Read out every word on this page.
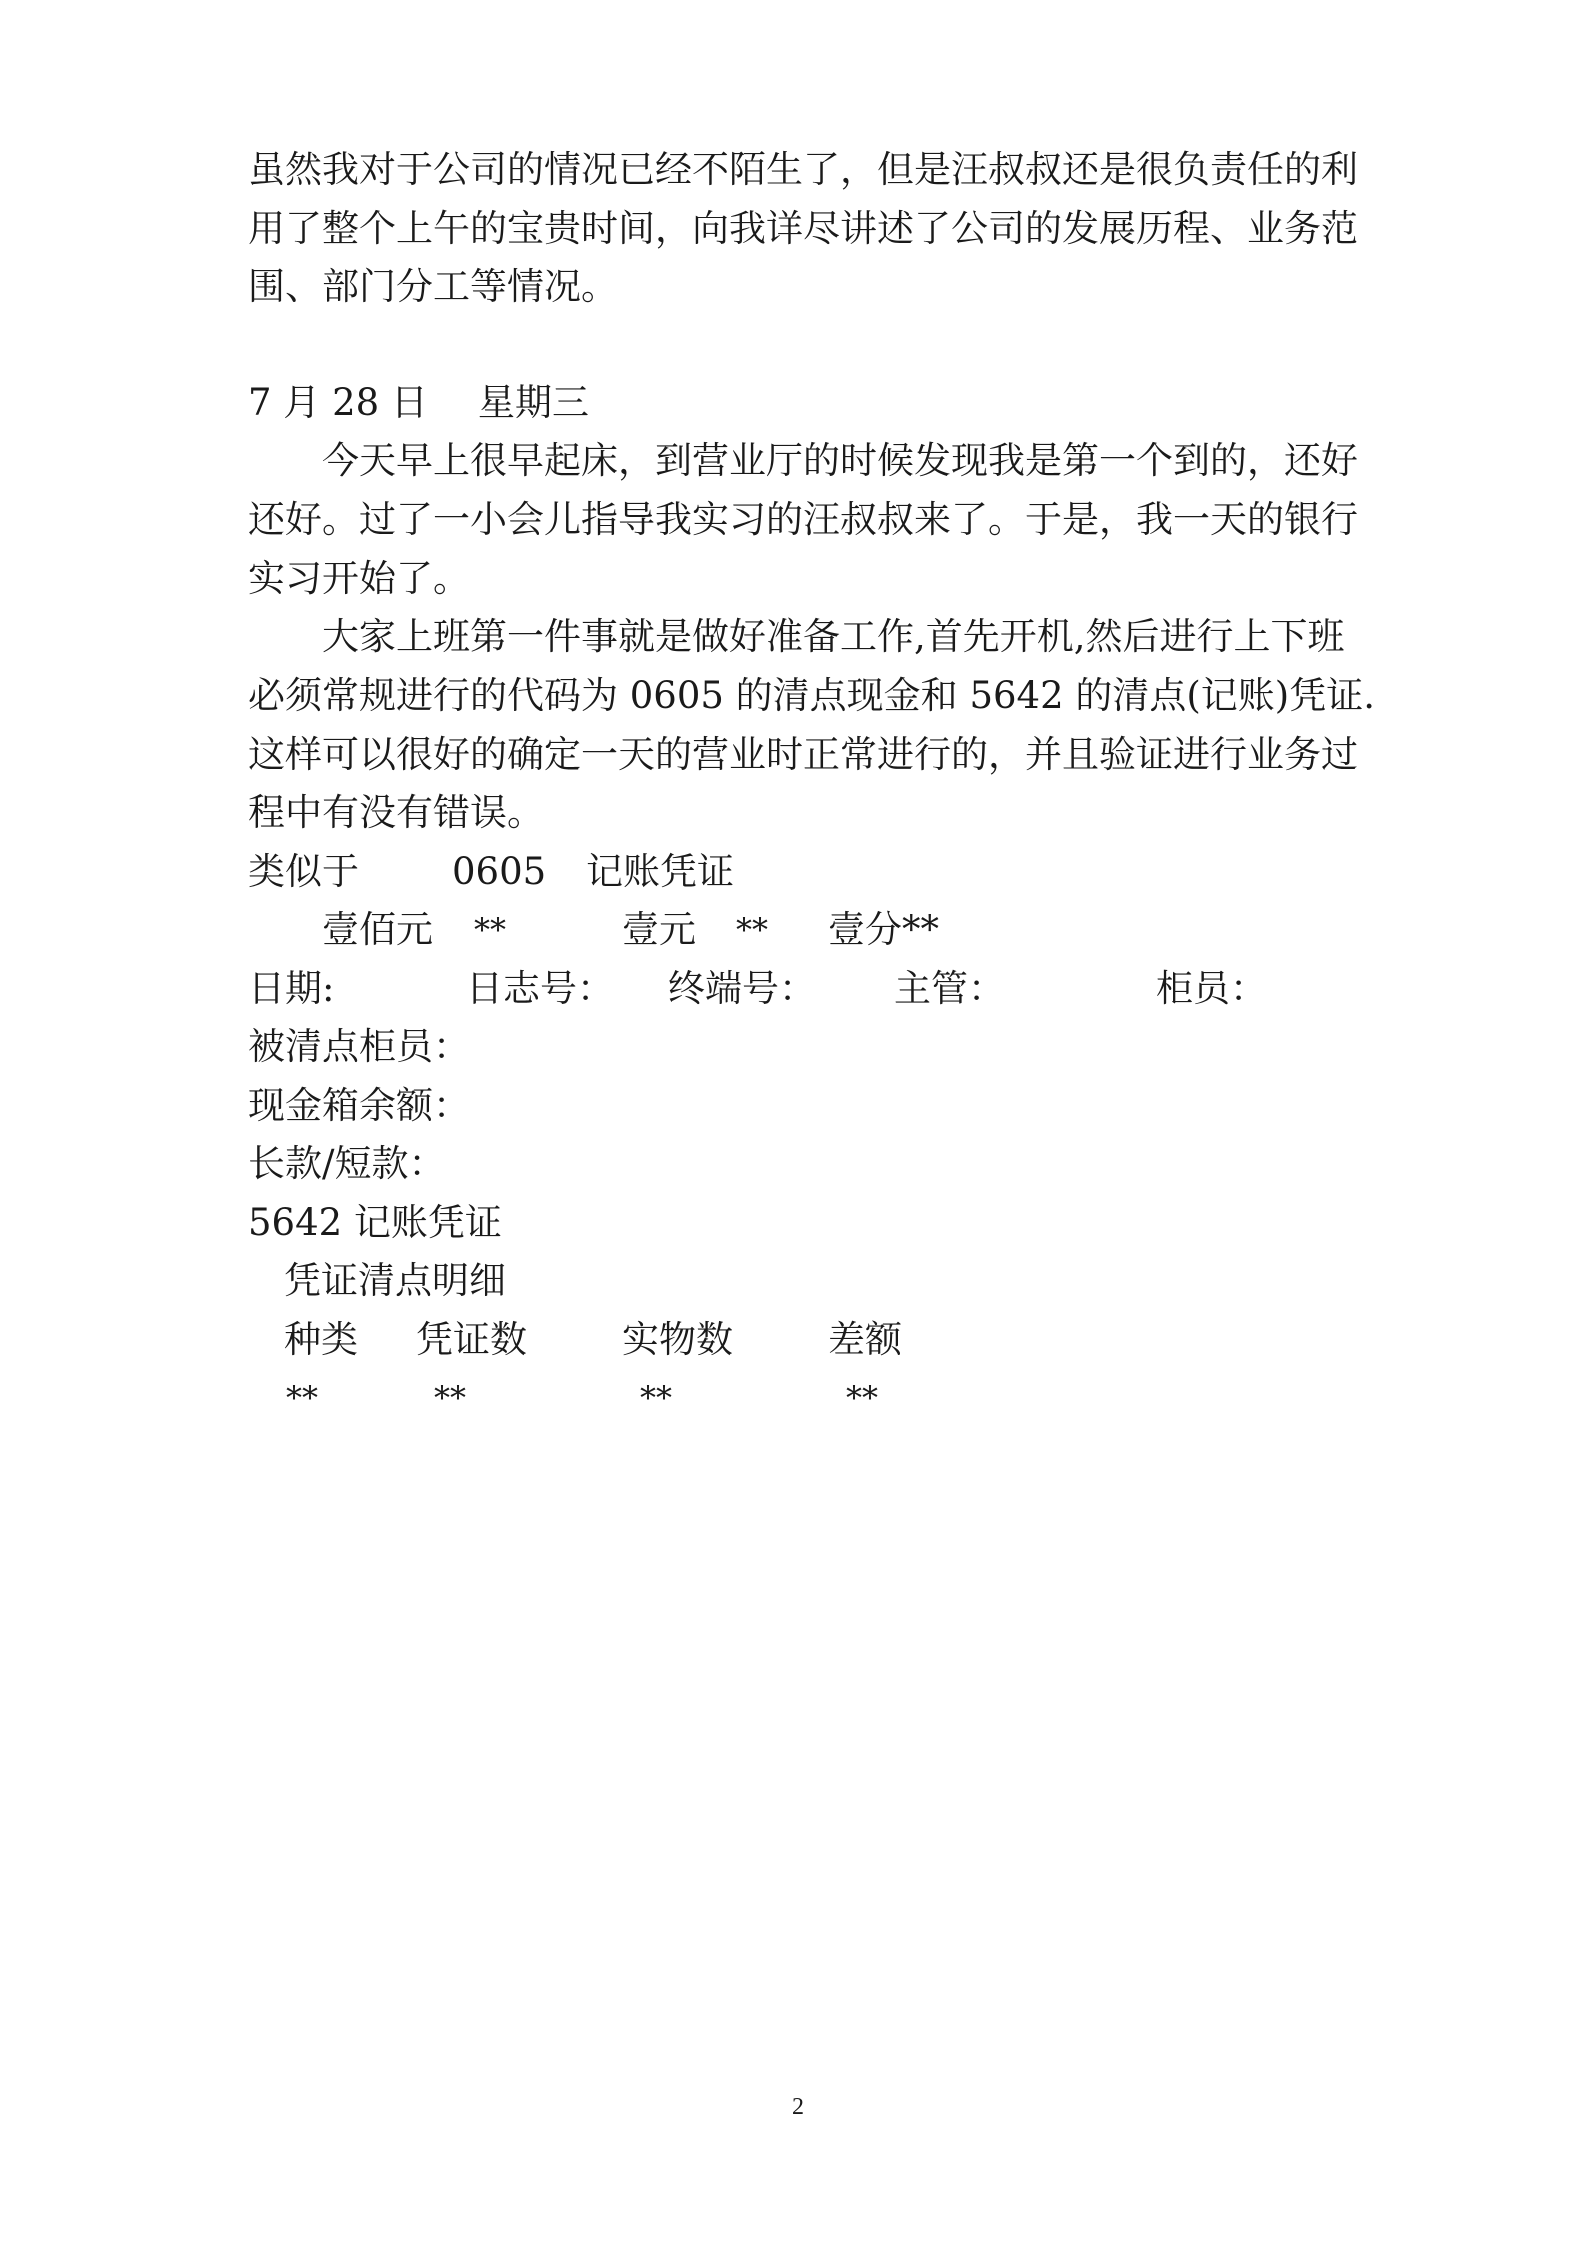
虽然我对于公司的情况已经不陌生了，但是汪叔叔还是很负责任的利
用了整个上午的宝贵时间，向我详尽讲述了公司的发展历程、业务范
围、部门分工等情况。
7 月 28 日 星期三
今天早上很早起床，到营业厅的时候发现我是第一个到的，还好
还好。过了一小会儿指导我实习的汪叔叔来了。于是，我一天的银行
实习开始了。
大家上班第一件事就是做好准备工作,首先开机,然后进行上下班
必须常规进行的代码为 0605 的清点现金和 5642 的清点(记账)凭证.
这样可以很好的确定一天的营业时正常进行的，并且验证进行业务过
程中有没有错误。
类似于	0605 记账凭证
壹佰元 **	壹元 ** 壹分**
日期:	日志号： 终端号： 主管：	柜员：
被清点柜员：
现金箱余额：
长款/短款：
5642 记账凭证
凭证清点明细
种类 凭证数	实物数	差额
**	**	**	**
2
